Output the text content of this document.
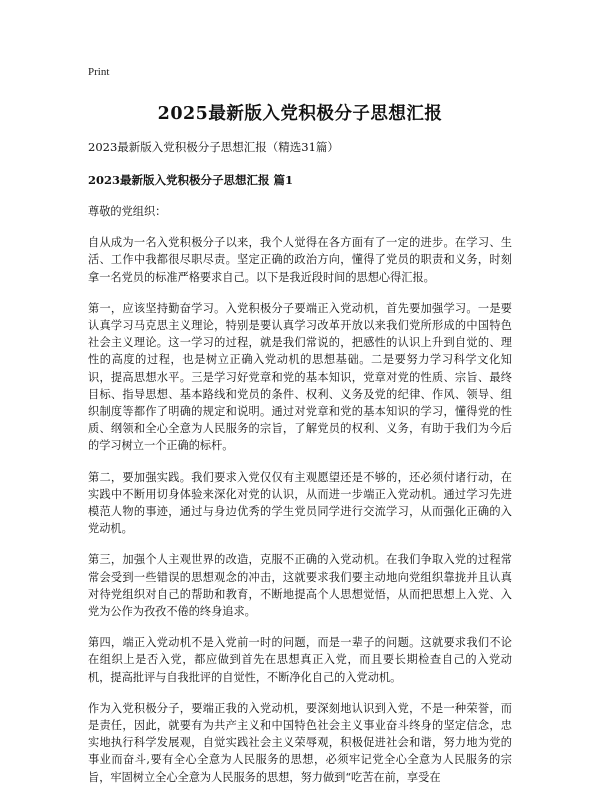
Print
2025最新版入党积极分子思想汇报

2023最新版入党积极分子思想汇报（精选31篇）

2023最新版入党积极分子思想汇报 篇1

尊敬的党组织：

自从成为一名入党积极分子以来，我个人觉得在各方面有了一定的进步。在学习、生活、工作中我都很尽职尽责。坚定正确的政治方向，懂得了党员的职责和义务，时刻拿一名党员的标准严格要求自己。以下是我近段时间的思想心得汇报。

第一，应该坚持勤奋学习。入党积极分子要端正入党动机，首先要加强学习。一是要认真学习马克思主义理论，特别是要认真学习改革开放以来我们党所形成的中国特色社会主义理论。这一学习的过程，就是我们常说的，把感性的认识上升到自觉的、理性的高度的过程，也是树立正确入党动机的思想基础。二是要努力学习科学文化知识，提高思想水平。三是学习好党章和党的基本知识，党章对党的性质、宗旨、最终目标、指导思想、基本路线和党员的条件、权利、义务及党的纪律、作风、领导、组织制度等都作了明确的规定和说明。通过对党章和党的基本知识的学习，懂得党的性质、纲领和全心全意为人民服务的宗旨，了解党员的权利、义务，有助于我们为今后的学习树立一个正确的标杆。

第二，要加强实践。我们要求入党仅仅有主观愿望还是不够的，还必须付诸行动，在实践中不断用切身体验来深化对党的认识，从而进一步端正入党动机。通过学习先进模范人物的事迹，通过与身边优秀的学生党员同学进行交流学习，从而强化正确的入党动机。

第三，加强个人主观世界的改造，克服不正确的入党动机。在我们争取入党的过程常常会受到一些错误的思想观念的冲击，这就要求我们要主动地向党组织靠拢并且认真对待党组织对自己的帮助和教育，不断地提高个人思想觉悟，从而把思想上入党、入党为公作为孜孜不倦的终身追求。

第四，端正入党动机不是入党前一时的问题，而是一辈子的问题。这就要求我们不论在组织上是否入党，都应做到首先在思想真正入党，而且要长期检查自己的入党动机，提高批评与自我批评的自觉性，不断净化自己的入党动机。

作为入党积极分子，要端正我的入党动机，要深刻地认识到入党，不是一种荣誉，而是责任，因此，就要有为共产主义和中国特色社会主义事业奋斗终身的坚定信念，忠实地执行科学发展观，自觉实践社会主义荣辱观，积极促进社会和谐，努力地为党的事业而奋斗,要有全心全意为人民服务的思想，必须牢记党全心全意为人民服务的宗旨，牢固树立全心全意为人民服务的思想，努力做到“吃苦在前，享受在
